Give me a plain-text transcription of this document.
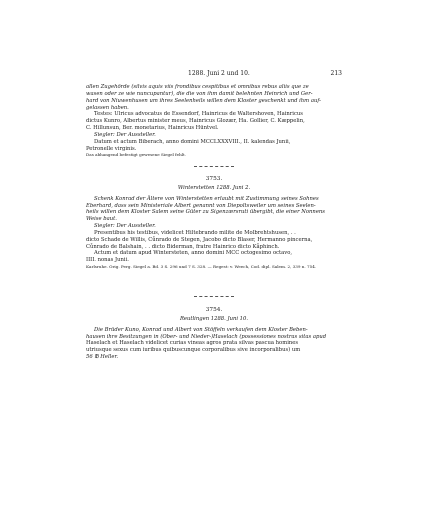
1288. Juni 2 und 10.	213

allen Zugehörde (silvis aquis viis frondibus cespitibus et omnibus rebus aliis que ze

wasen oder ze wie nuncupantur), die die von ihm damit belehnten Heinrich und Ger-

hard von Niuwenhusen um ihres Seelenheils willen dem Kloster geschenkt und ihm auf-

gelassen haben.

Testes: Ulricus advocatus de Essendorf, Hainricus de Waltershoven, Hainricus

dictus Kunro, Albertus minister meus, Hainricus Glozær, Ha. Gollier, C. Kæppelin,

C. Hillunsun, Ber. monetarius, Hainricus Hüntvel.

Siegler: Der Aussteller.

Datum et actum Biberach, anno domini MCCLXXXVIII., II. kalendas Junii,

Petronelle virginis.

Das abhangend befestigt gewesene Siegel fehlt.

3753.

Winterstetten 1288. Juni 2.

Schenk Konrad der Ältere von Winterstetten erlaubt mit Zustimmung seines Sohnes

Eberhard, dass sein Ministeriale Albert genannt von Diepoltsweiler um seines Seelen-

heils willen dem Kloster Salem seine Güter zu Sigenzærsruti übergibt, die einer Nonnens

Weise baut.

Siegler: Der Aussteller.

Presentibus his testibus, videlicet Hiltebrando milite de Molbrehtshusen, . .

dicto Schade de Willis, Cůnrado de Stegen, Jacobo dicto Blaser, Hermanno pincerna,

Cůnrado de Balshain, . . dicto Biderman, fratre Hainrico dicto Kåphinch.

Actum et datum apud Wintersteten, anno domini MCC octogesimo octavo,

IIII. nonas Junii.

Karlsruhe. Orig. Perg. Siegel a. Bd. 3 S. 296 und 7 S. 328. — Regest: v. Weech, Cod. dipl. Salem. 2, 339 n. 754.

3754.

Reutlingen 1288. Juni 10.

Die Brüder Kuno, Konrad und Albert von Stöffeln verkaufen dem Kloster Beben-

hausen ihre Besitzungen in (Ober- und Nieder-)Haselach (possessiones nostras sitas apud

Haselach et Haselach videlicet curias vineas agros prata silvas pascua homines

utriusque sexus cum iuribus quibuscunque corporalibus sive incorporalibus) um

56 ℔ Heller.
